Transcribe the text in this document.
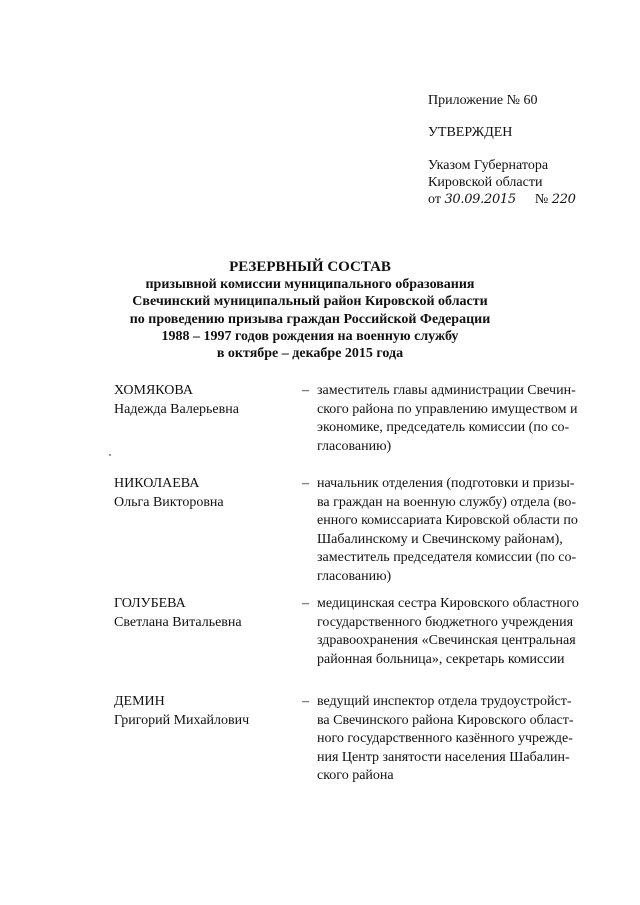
Приложение № 60
УТВЕРЖДЕН
Указом Губернатора
Кировской области
от 30.09.2015 № 220
РЕЗЕРВНЫЙ СОСТАВ
призывной комиссии муниципального образования
Свечинский муниципальный район Кировской области
по проведению призыва граждан Российской Федерации
1988 – 1997 годов рождения на военную службу
в октябре – декабре 2015 года
ХОМЯКОВА
Надежда Валерьевна
– заместитель главы администрации Свечин-
ского района по управлению имуществом и
экономике, председатель комиссии (по со-
гласованию)
НИКОЛАЕВА
Ольга Викторовна
– начальник отделения (подготовки и призы-
ва граждан на военную службу) отдела (во-
енного комиссариата Кировской области по
Шабалинскому и Свечинскому районам),
заместитель председателя комиссии (по со-
гласованию)
ГОЛУБЕВА
Светлана Витальевна
– медицинская сестра Кировского областного
государственного бюджетного учреждения
здравоохранения «Свечинская центральная
районная больница», секретарь комиссии
ДЕМИН
Григорий Михайлович
– ведущий инспектор отдела трудоустройст-
ва Свечинского района Кировского област-
ного государственного казённого учрежде-
ния Центр занятости населения Шабалин-
ского района
